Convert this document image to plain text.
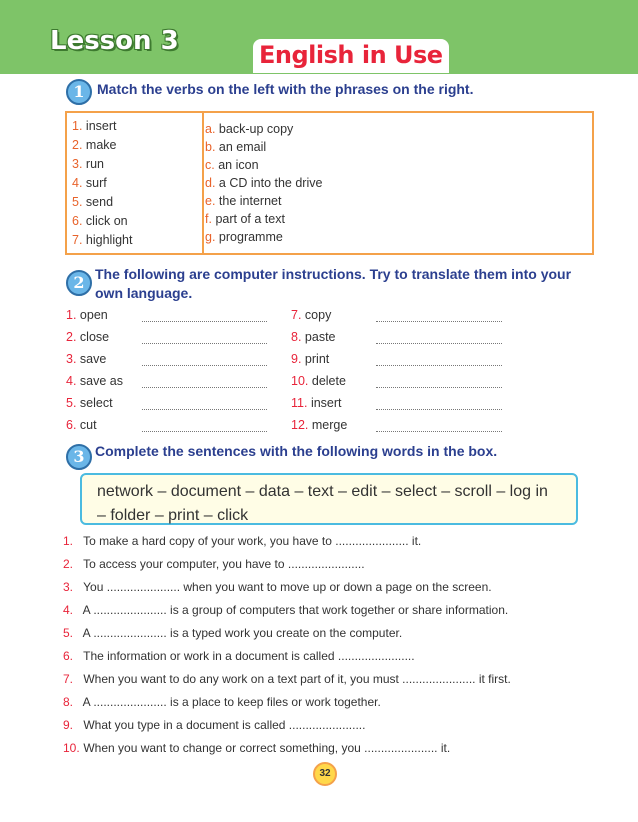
Lesson 3	English in Use
1 Match the verbs on the left with the phrases on the right.
1. insert
2. make
3. run
4. surf
5. send
6. click on
7. highlight
a. back-up copy
b. an email
c. an icon
d. a CD into the drive
e. the internet
f. part of a text
g. programme
2 The following are computer instructions. Try to translate them into your
own language.
1. open
2. close
3. save
4. save as
5. select
6. cut
7. copy
8. paste
9. print
10. delete
11. insert
12. merge
3 Complete the sentences with the following words in the box.
network – document – data – text – edit – select – scroll – log in
– folder – print – click
1. To make a hard copy of your work, you have to ...................... it.
2. To access your computer, you have to .......................
3. You ...................... when you want to move up or down a page on the screen.
4. A ...................... is a group of computers that work together or share information.
5. A ...................... is a typed work you create on the computer.
6. The information or work in a document is called .......................
7. When you want to do any work on a text part of it, you must ...................... it first.
8. A ...................... is a place to keep files or work together.
9. What you type in a document is called .......................
10. When you want to change or correct something, you ...................... it.
32
